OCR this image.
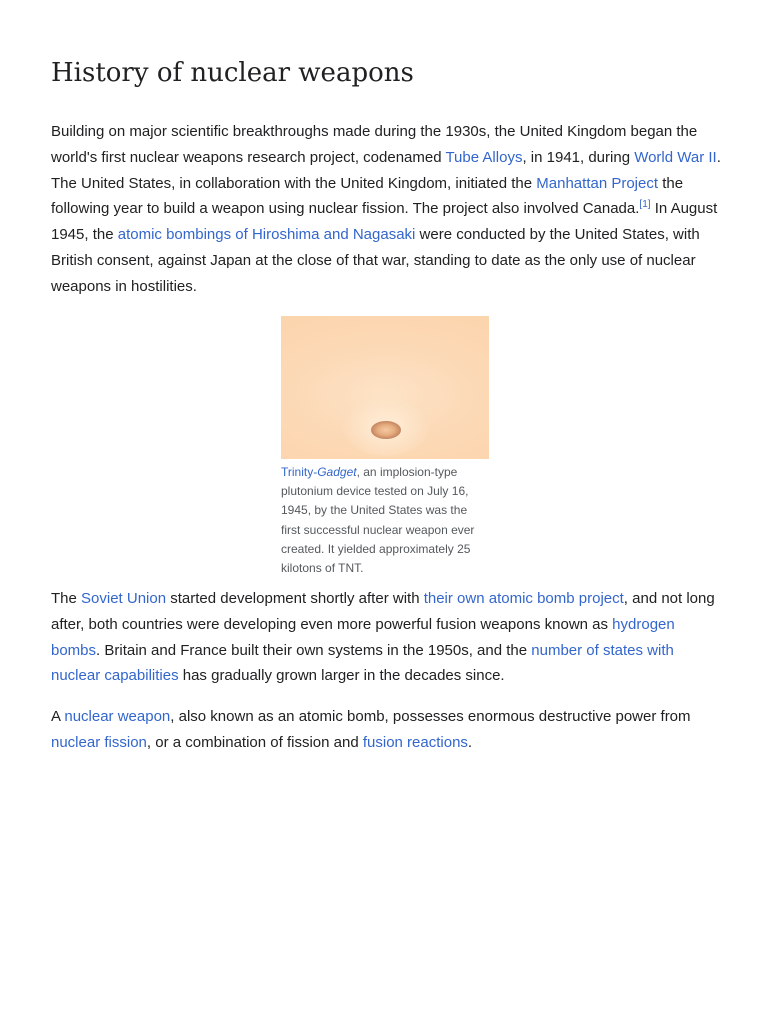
History of nuclear weapons

Building on major scientific breakthroughs made during the 1930s, the United Kingdom began the world's first nuclear weapons research project, codenamed Tube Alloys, in 1941, during World War II. The United States, in collaboration with the United Kingdom, initiated the Manhattan Project the following year to build a weapon using nuclear fission. The project also involved Canada.[1] In August 1945, the atomic bombings of Hiroshima and Nagasaki were conducted by the United States, with British consent, against Japan at the close of that war, standing to date as the only use of nuclear weapons in hostilities.

Trinity-Gadget, an implosion-type plutonium device tested on July 16, 1945, by the United States was the first successful nuclear weapon ever created. It yielded approximately 25 kilotons of TNT.

The Soviet Union started development shortly after with their own atomic bomb project, and not long after, both countries were developing even more powerful fusion weapons known as hydrogen bombs. Britain and France built their own systems in the 1950s, and the number of states with nuclear capabilities has gradually grown larger in the decades since.

A nuclear weapon, also known as an atomic bomb, possesses enormous destructive power from nuclear fission, or a combination of fission and fusion reactions.
